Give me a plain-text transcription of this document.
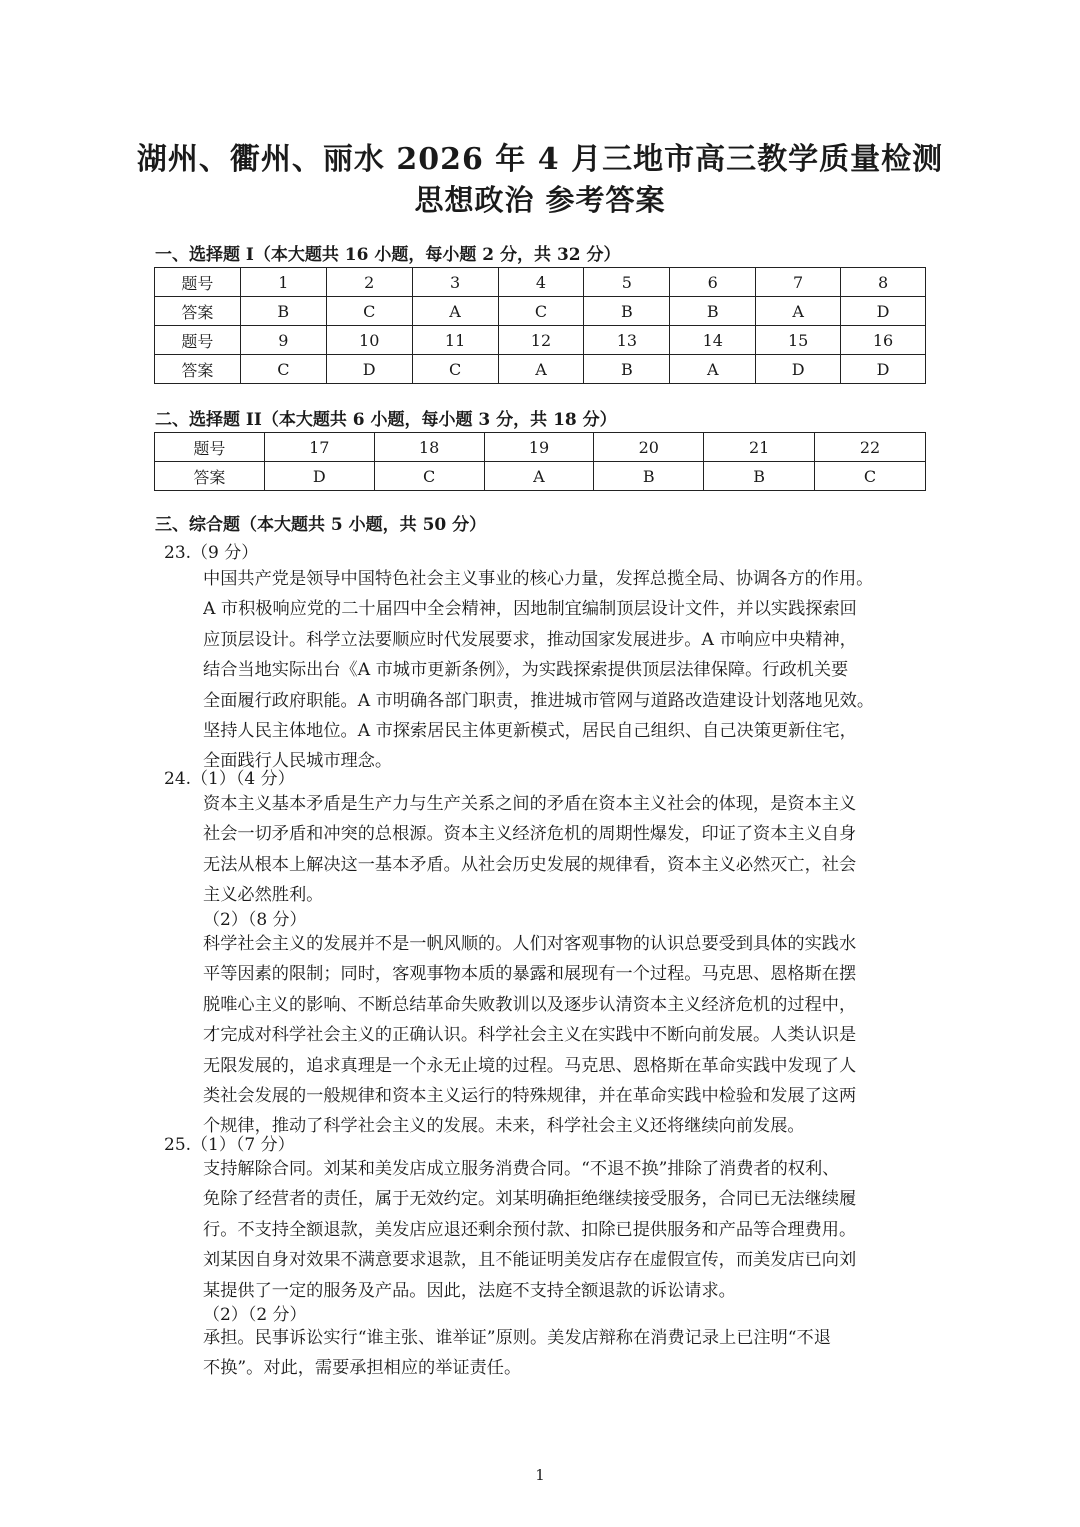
湖州、衢州、丽水 2026 年 4 月三地市高三教学质量检测
思想政治 参考答案
一、选择题 I（本大题共 16 小题，每小题 2 分，共 32 分）
题号	1	2	3	4	5	6	7	8
答案	B	C	A	C	B	B	A	D
题号	9	10	11	12	13	14	15	16
答案	C	D	C	A	B	A	D	D
二、选择题 II（本大题共 6 小题，每小题 3 分，共 18 分）
题号	17	18	19	20	21	22
答案	D	C	A	B	B	C
三、综合题（本大题共 5 小题，共 50 分）
23.（9 分）
中国共产党是领导中国特色社会主义事业的核心力量，发挥总揽全局、协调各方的作用。
A 市积极响应党的二十届四中全会精神，因地制宜编制顶层设计文件，并以实践探索回
应顶层设计。科学立法要顺应时代发展要求，推动国家发展进步。A 市响应中央精神，
结合当地实际出台《A 市城市更新条例》，为实践探索提供顶层法律保障。行政机关要
全面履行政府职能。A 市明确各部门职责，推进城市管网与道路改造建设计划落地见效。
坚持人民主体地位。A 市探索居民主体更新模式，居民自己组织、自己决策更新住宅，
全面践行人民城市理念。
24.（1）（4 分）
资本主义基本矛盾是生产力与生产关系之间的矛盾在资本主义社会的体现，是资本主义
社会一切矛盾和冲突的总根源。资本主义经济危机的周期性爆发，印证了资本主义自身
无法从根本上解决这一基本矛盾。从社会历史发展的规律看，资本主义必然灭亡，社会
主义必然胜利。
（2）（8 分）
科学社会主义的发展并不是一帆风顺的。人们对客观事物的认识总要受到具体的实践水
平等因素的限制；同时，客观事物本质的暴露和展现有一个过程。马克思、恩格斯在摆
脱唯心主义的影响、不断总结革命失败教训以及逐步认清资本主义经济危机的过程中，
才完成对科学社会主义的正确认识。科学社会主义在实践中不断向前发展。人类认识是
无限发展的，追求真理是一个永无止境的过程。马克思、恩格斯在革命实践中发现了人
类社会发展的一般规律和资本主义运行的特殊规律，并在革命实践中检验和发展了这两
个规律，推动了科学社会主义的发展。未来，科学社会主义还将继续向前发展。
25.（1）（7 分）
支持解除合同。刘某和美发店成立服务消费合同。“不退不换”排除了消费者的权利、
免除了经营者的责任，属于无效约定。刘某明确拒绝继续接受服务，合同已无法继续履
行。不支持全额退款，美发店应退还剩余预付款、扣除已提供服务和产品等合理费用。
刘某因自身对效果不满意要求退款，且不能证明美发店存在虚假宣传，而美发店已向刘
某提供了一定的服务及产品。因此，法庭不支持全额退款的诉讼请求。
（2）（2 分）
承担。民事诉讼实行“谁主张、谁举证”原则。美发店辩称在消费记录上已注明“不退
不换”。对此，需要承担相应的举证责任。
1
